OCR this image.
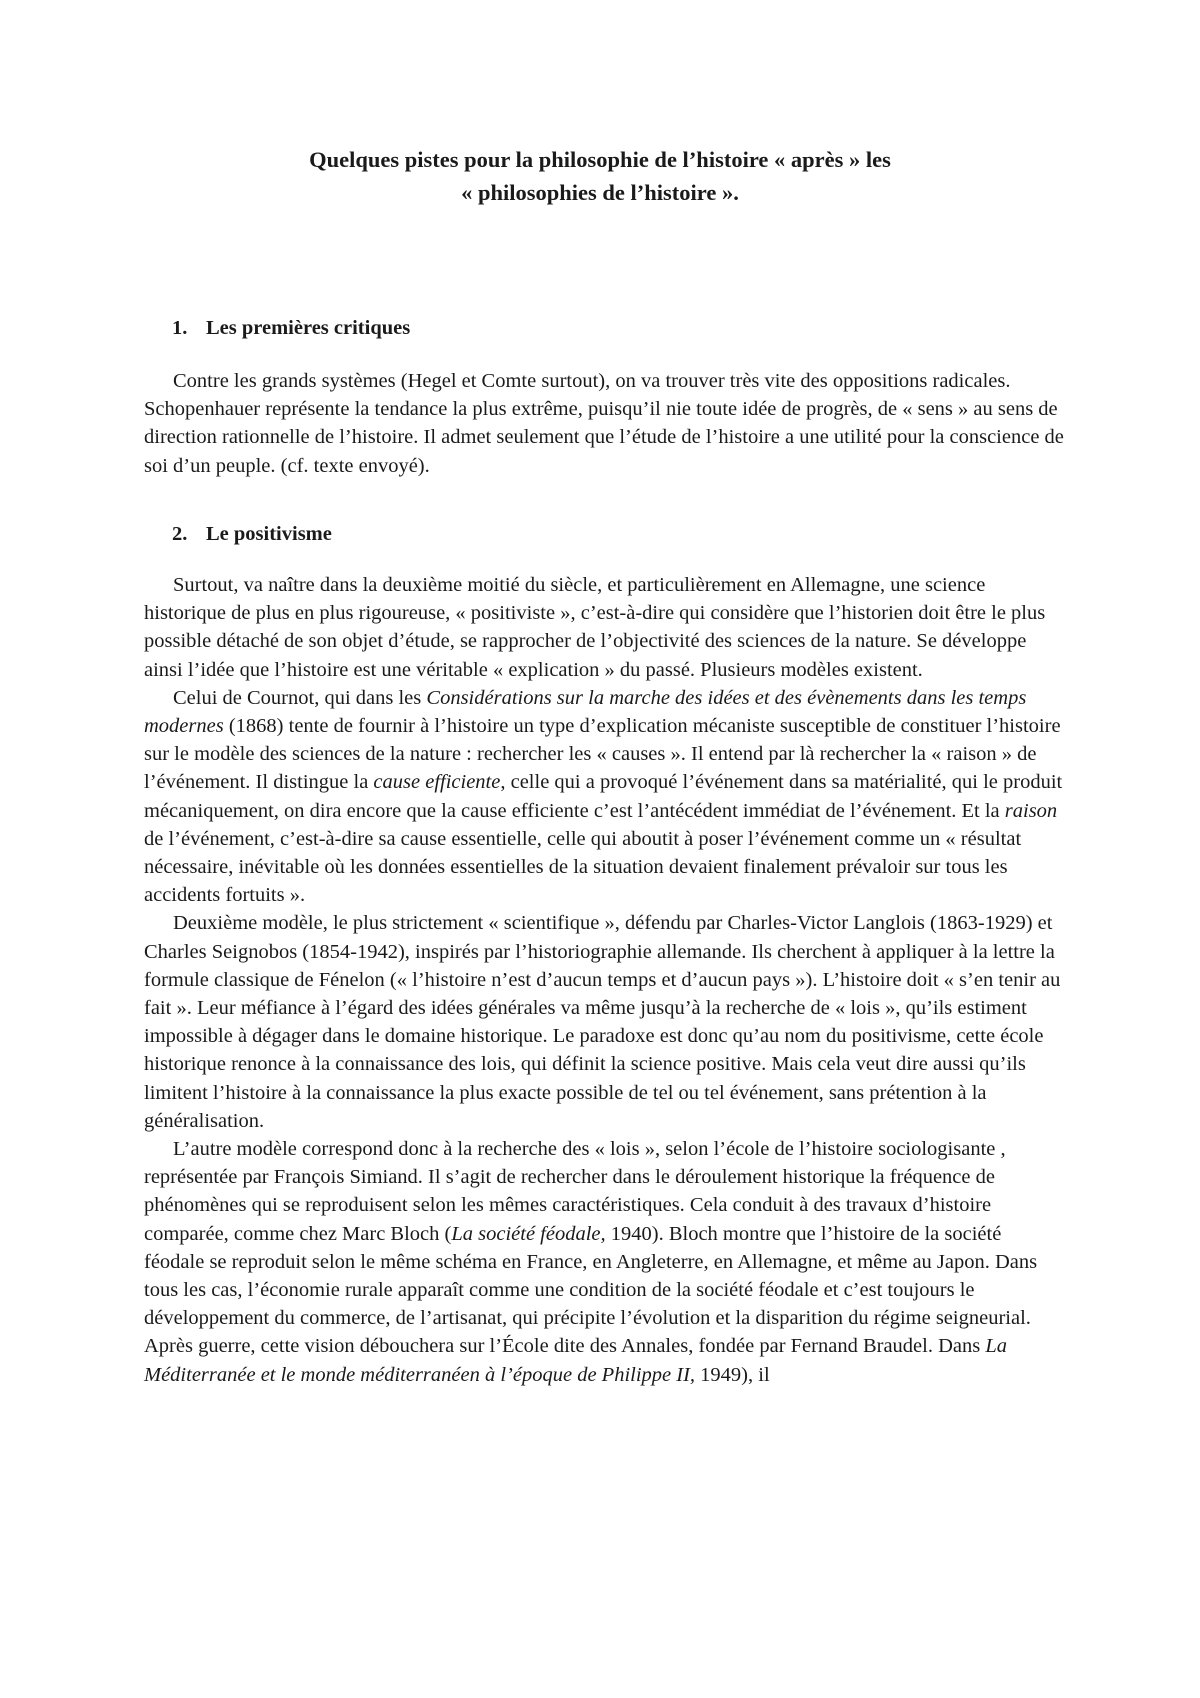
Quelques pistes pour la philosophie de l’histoire « après » les
« philosophies de l’histoire ».
1. Les premières critiques

Contre les grands systèmes (Hegel et Comte surtout), on va trouver très vite des oppositions radicales. Schopenhauer représente la tendance la plus extrême, puisqu’il nie toute idée de progrès, de « sens » au sens de direction rationnelle de l’histoire. Il admet seulement que l’étude de l’histoire a une utilité pour la conscience de soi d’un peuple. (cf. texte envoyé).

2. Le positivisme

Surtout, va naître dans la deuxième moitié du siècle, et particulièrement en Allemagne, une science historique de plus en plus rigoureuse, « positiviste », c’est-à-dire qui considère que l’historien doit être le plus possible détaché de son objet d’étude, se rapprocher de l’objectivité des sciences de la nature. Se développe ainsi l’idée que l’histoire est une véritable « explication » du passé. Plusieurs modèles existent.

Celui de Cournot, qui dans les Considérations sur la marche des idées et des évènements dans les temps modernes (1868) tente de fournir à l’histoire un type d’explication mécaniste susceptible de constituer l’histoire sur le modèle des sciences de la nature : rechercher les « causes ». Il entend par là rechercher la « raison » de l’événement. Il distingue la cause efficiente, celle qui a provoqué l’événement dans sa matérialité, qui le produit mécaniquement, on dira encore que la cause efficiente c’est l’antécédent immédiat de l’événement. Et la raison de l’événement, c’est-à-dire sa cause essentielle, celle qui aboutit à poser l’événement comme un « résultat nécessaire, inévitable où les données essentielles de la situation devaient finalement prévaloir sur tous les accidents fortuits ».

Deuxième modèle, le plus strictement « scientifique », défendu par Charles-Victor Langlois (1863-1929) et Charles Seignobos (1854-1942), inspirés par l’historiographie allemande. Ils cherchent à appliquer à la lettre la formule classique de Fénelon (« l’histoire n’est d’aucun temps et d’aucun pays »). L’histoire doit « s’en tenir au fait ». Leur méfiance à l’égard des idées générales va même jusqu’à la recherche de « lois », qu’ils estiment impossible à dégager dans le domaine historique. Le paradoxe est donc qu’au nom du positivisme, cette école historique renonce à la connaissance des lois, qui définit la science positive. Mais cela veut dire aussi qu’ils limitent l’histoire à la connaissance la plus exacte possible de tel ou tel événement, sans prétention à la généralisation.

L’autre modèle correspond donc à la recherche des « lois », selon l’école de l’histoire sociologisante , représentée par François Simiand. Il s’agit de rechercher dans le déroulement historique la fréquence de phénomènes qui se reproduisent selon les mêmes caractéristiques. Cela conduit à des travaux d’histoire comparée, comme chez Marc Bloch (La société féodale, 1940). Bloch montre que l’histoire de la société féodale se reproduit selon le même schéma en France, en Angleterre, en Allemagne, et même au Japon. Dans tous les cas, l’économie rurale apparaît comme une condition de la société féodale et c’est toujours le développement du commerce, de l’artisanat, qui précipite l’évolution et la disparition du régime seigneurial. Après guerre, cette vision débouchera sur l’École dite des Annales, fondée par Fernand Braudel. Dans La Méditerranée et le monde méditerranéen à l’époque de Philippe II, 1949), il
